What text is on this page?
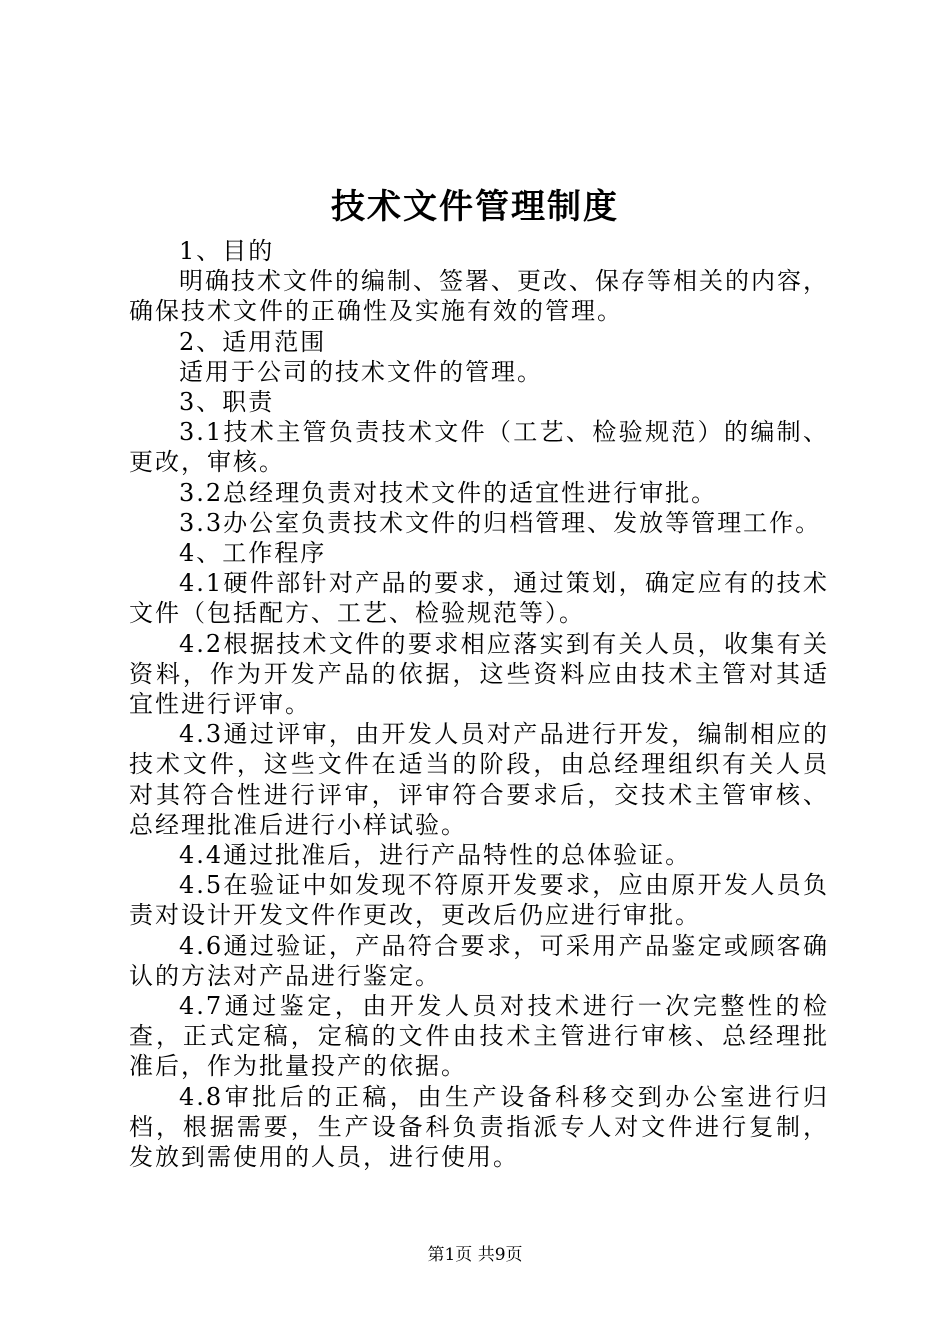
技术文件管理制度

1、目的

明确技术文件的编制、签署、更改、保存等相关的内容，确保技术文件的正确性及实施有效的管理。

2、适用范围

适用于公司的技术文件的管理。

3、职责

3.1技术主管负责技术文件（工艺、检验规范）的编制、更改，审核。

3.2总经理负责对技术文件的适宜性进行审批。

3.3办公室负责技术文件的归档管理、发放等管理工作。

4、工作程序

4.1硬件部针对产品的要求，通过策划，确定应有的技术文件（包括配方、工艺、检验规范等）。

4.2根据技术文件的要求相应落实到有关人员，收集有关资料，作为开发产品的依据，这些资料应由技术主管对其适宜性进行评审。

4.3通过评审，由开发人员对产品进行开发，编制相应的技术文件，这些文件在适当的阶段，由总经理组织有关人员对其符合性进行评审，评审符合要求后，交技术主管审核、总经理批准后进行小样试验。

4.4通过批准后，进行产品特性的总体验证。

4.5在验证中如发现不符原开发要求，应由原开发人员负责对设计开发文件作更改，更改后仍应进行审批。

4.6通过验证，产品符合要求，可采用产品鉴定或顾客确认的方法对产品进行鉴定。

4.7通过鉴定，由开发人员对技术进行一次完整性的检查，正式定稿，定稿的文件由技术主管进行审核、总经理批准后，作为批量投产的依据。

4.8审批后的正稿，由生产设备科移交到办公室进行归档，根据需要，生产设备科负责指派专人对文件进行复制，发放到需使用的人员，进行使用。

第1页 共9页
